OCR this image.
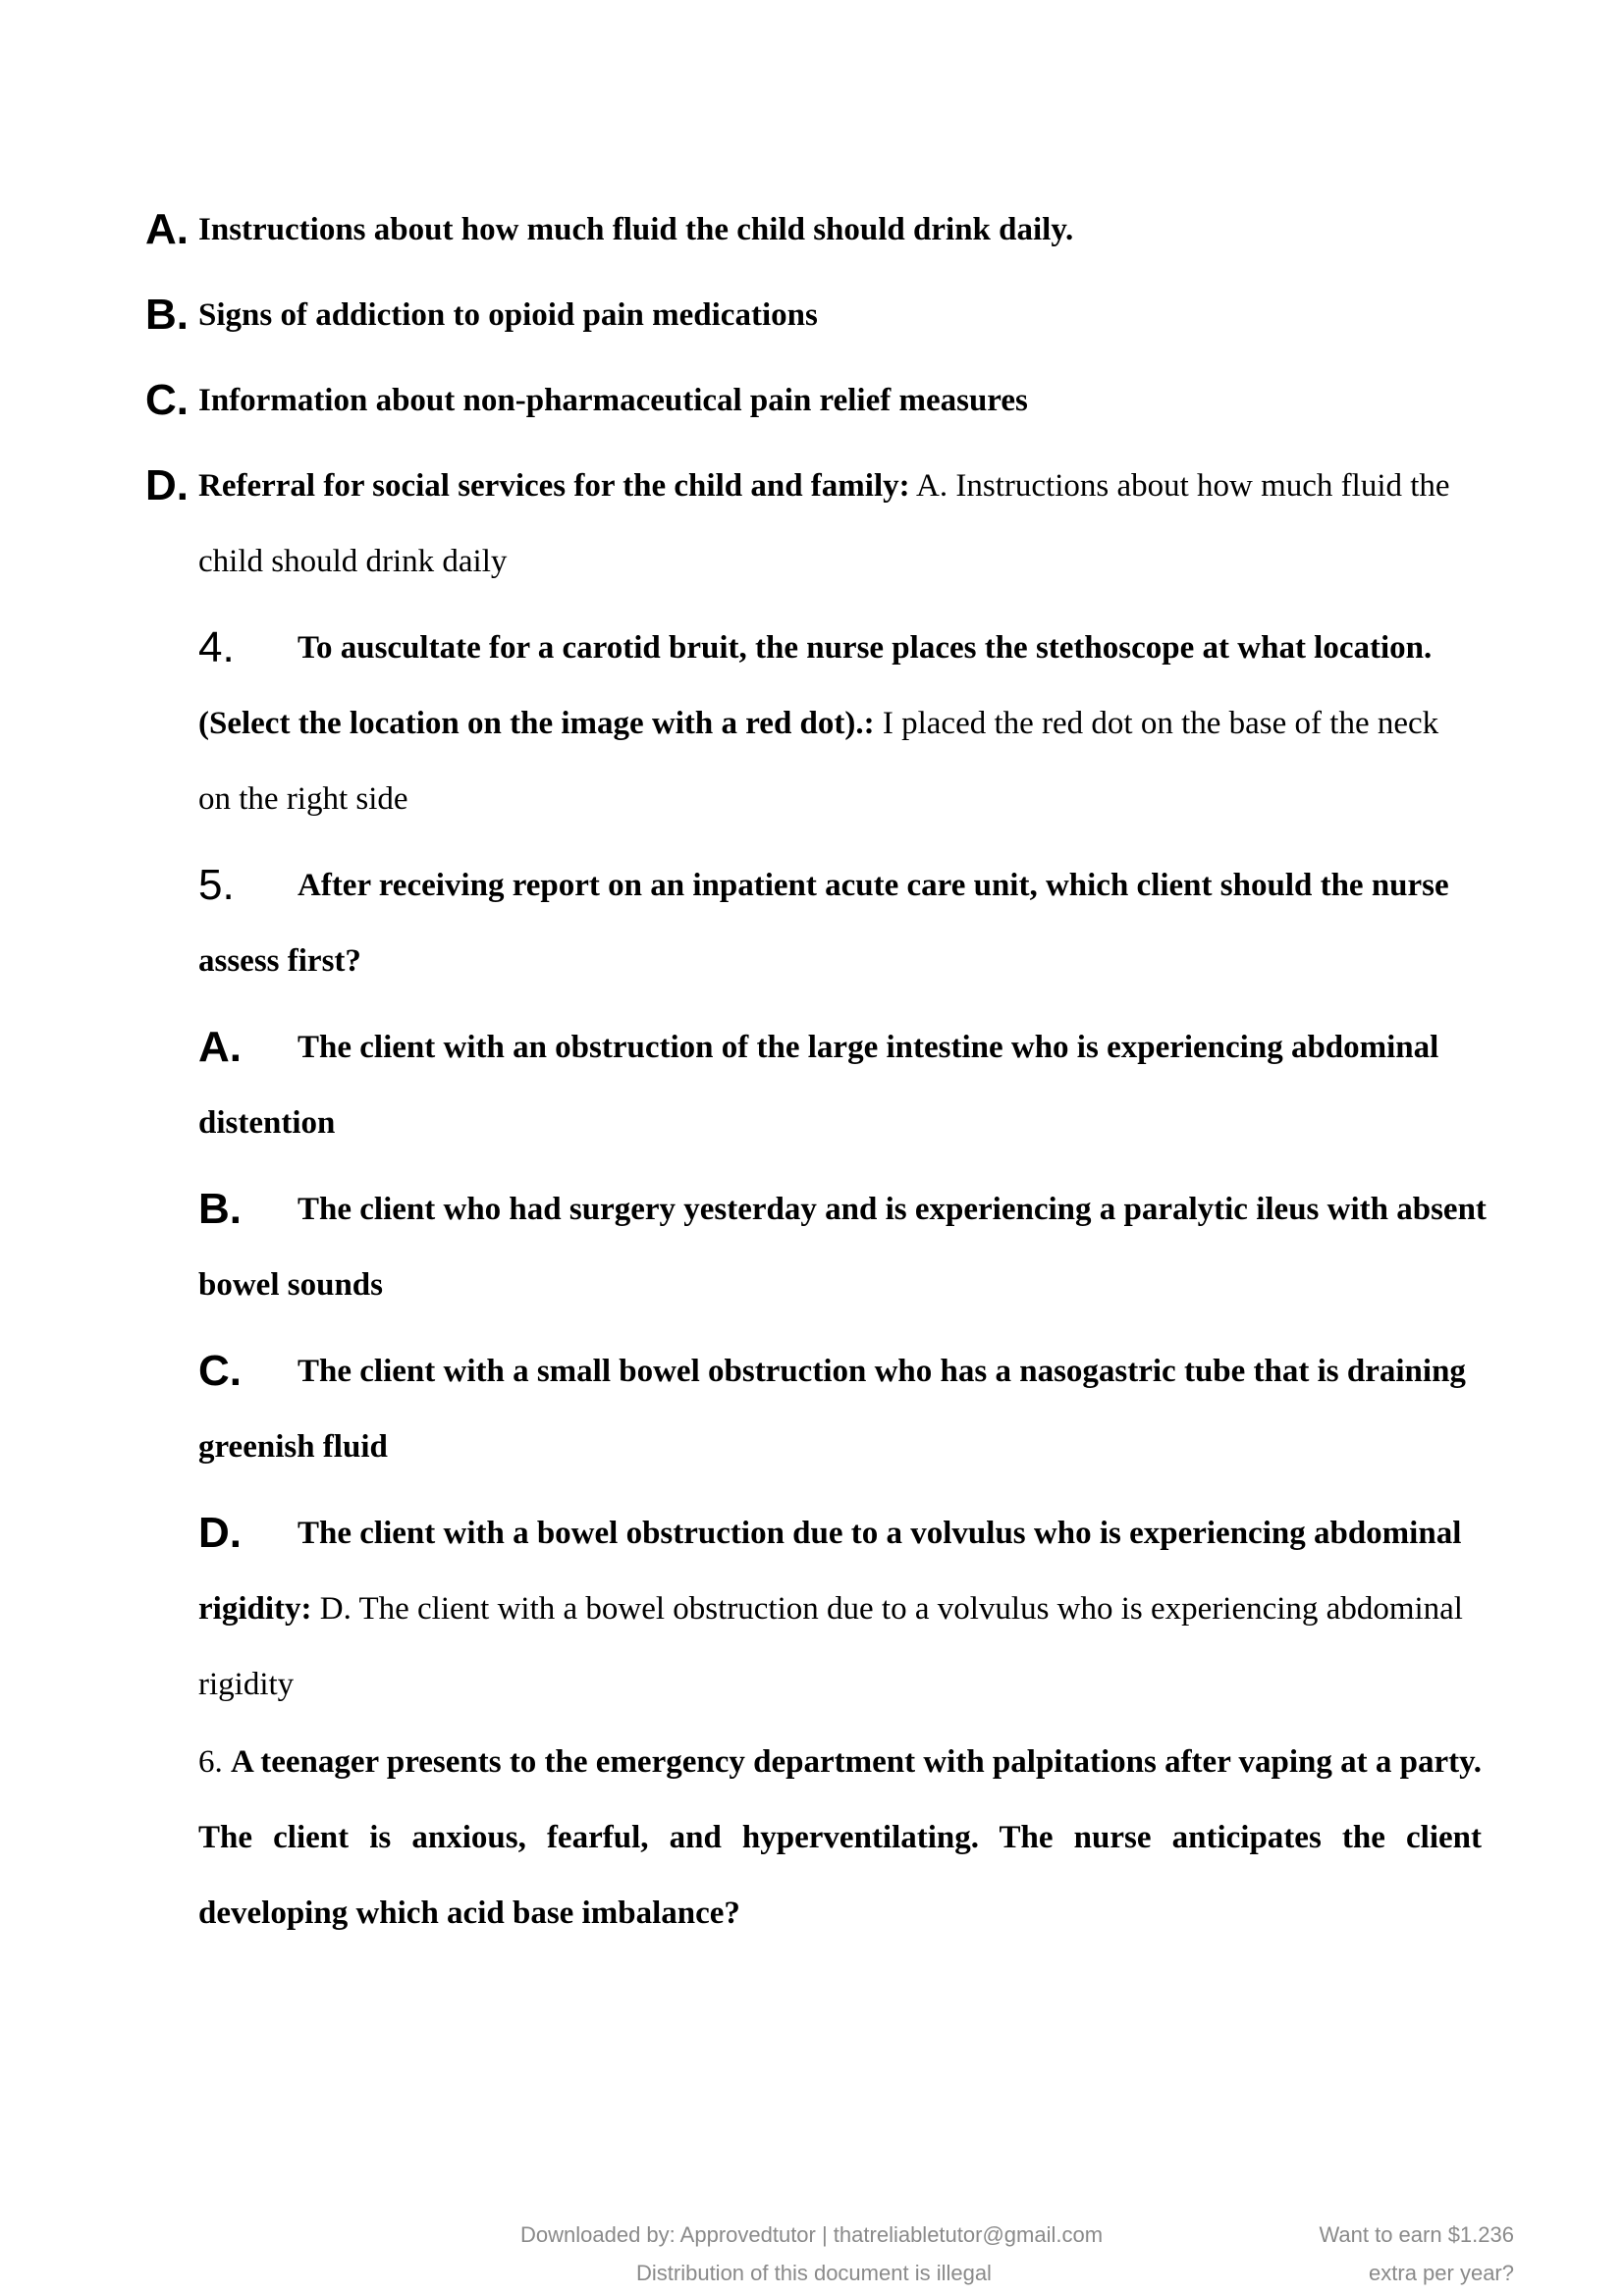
A. Instructions about how much fluid the child should drink daily.
B. Signs of addiction to opioid pain medications
C. Information about non-pharmaceutical pain relief measures
D. Referral for social services for the child and family: A. Instructions about how much fluid the
child should drink daily
4. To auscultate for a carotid bruit, the nurse places the stethoscope at what location.
(Select the location on the image with a red dot).: I placed the red dot on the base of the neck
on the right side
5. After receiving report on an inpatient acute care unit, which client should the nurse
assess first?
A. The client with an obstruction of the large intestine who is experiencing abdominal
distention
B. The client who had surgery yesterday and is experiencing a paralytic ileus with absent
bowel sounds
C. The client with a small bowel obstruction who has a nasogastric tube that is draining
greenish fluid
D. The client with a bowel obstruction due to a volvulus who is experiencing abdominal
rigidity: D. The client with a bowel obstruction due to a volvulus who is experiencing abdominal
rigidity
6. A teenager presents to the emergency department with palpitations after vaping at a party.
The client is anxious, fearful, and hyperventilating. The nurse anticipates the client
developing which acid base imbalance?
Downloaded by: Approvedtutor | thatreliabletutor@gmail.com
Distribution of this document is illegal
Want to earn $1.236
extra per year?
